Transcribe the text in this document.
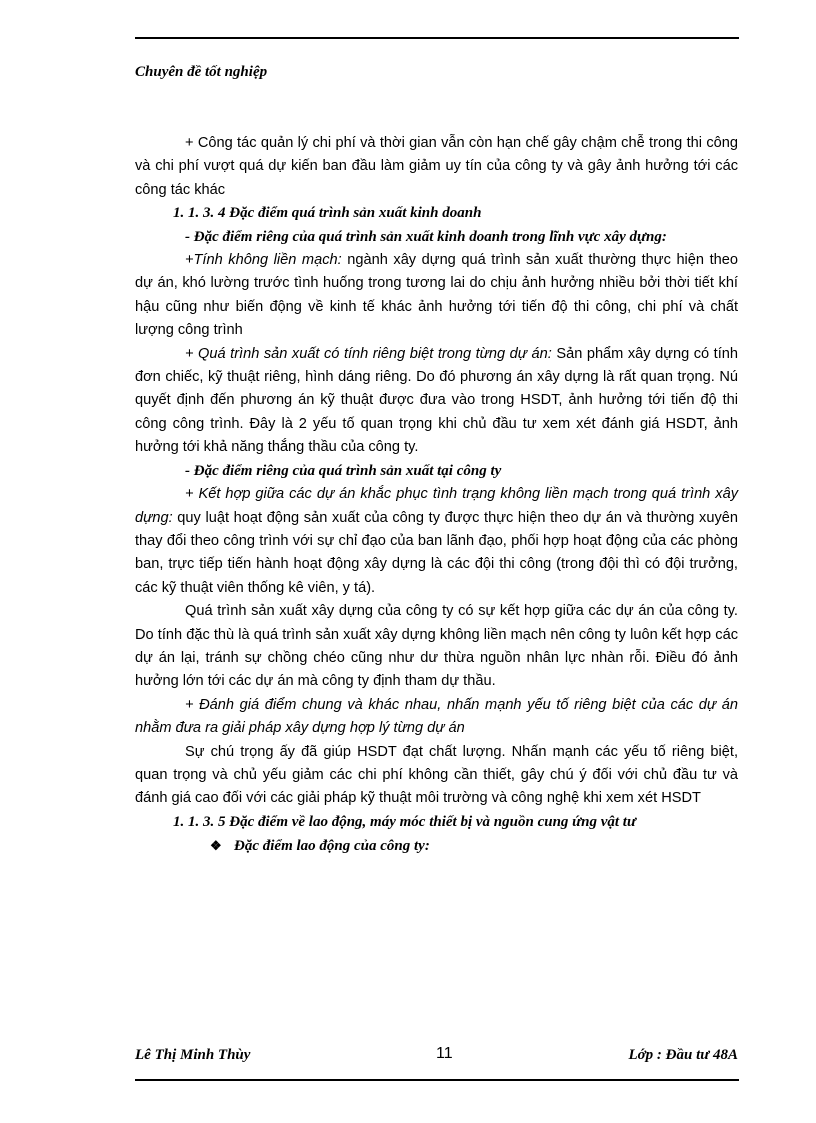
Chuyên đề tốt nghiệp

+ Công tác quản lý chi phí và thời gian vẫn còn hạn chế gây chậm chễ trong thi công và chi phí vượt quá dự kiến ban đầu làm giảm uy tín của công ty và gây ảnh hưởng tới các công tác khác

1. 1. 3. 4 Đặc điểm quá trình sản xuất kinh doanh

- Đặc điểm riêng của quá trình sản xuất kinh doanh trong lĩnh vực xây dựng:

+Tính không liền mạch: ngành xây dựng quá trình sản xuất thường thực hiện theo dự án, khó lường trước tình huống trong tương lai do chịu ảnh hưởng nhiều bởi thời tiết khí hậu cũng như biến động về kinh tế khác ảnh hưởng tới tiến độ thi công, chi phí và chất lượng công trình

+ Quá trình sản xuất có tính riêng biệt trong từng dự án: Sản phẩm xây dựng có tính đơn chiếc, kỹ thuật riêng, hình dáng riêng. Do đó phương án xây dựng là rất quan trọng. Nú quyết định đến phương án kỹ thuật được đưa vào trong HSDT, ảnh hưởng tới tiến độ thi công công trình. Đây là 2 yếu tố quan trọng khi chủ đầu tư xem xét đánh giá HSDT, ảnh hưởng tới khả năng thắng thầu của công ty.

- Đặc điểm riêng của quá trình sản xuất tại công ty

+ Kết hợp giữa các dự án khắc phục tình trạng không liền mạch trong quá trình xây dựng: quy luật hoạt động sản xuất của công ty được thực hiện theo dự án và thường xuyên thay đổi theo công trình với sự chỉ đạo của ban lãnh đạo, phối hợp hoạt động của các phòng ban, trực tiếp tiến hành hoạt động xây dựng là các đội thi công (trong đội thì có đội trưởng, các kỹ thuật viên thống kê viên, y tá).

Quá trình sản xuất xây dựng của công ty có sự kết hợp giữa các dự án của công ty. Do tính đặc thù là quá trình sản xuất xây dựng không liền mạch nên công ty luôn kết hợp các dự án lại, tránh sự chồng chéo cũng như dư thừa nguồn nhân lực nhàn rỗi. Điều đó ảnh hưởng lớn tới các dự án mà công ty định tham dự thầu.

+ Đánh giá điểm chung và khác nhau, nhấn mạnh yếu tố riêng biệt của các dự án nhằm đưa ra giải pháp xây dựng hợp lý từng dự án

Sự chú trọng ấy đã giúp HSDT đạt chất lượng. Nhấn mạnh các yếu tố riêng biệt, quan trọng và chủ yếu giảm các chi phí không cần thiết, gây chú ý đối với chủ đầu tư và đánh giá cao đối với các giải pháp kỹ thuật môi trường và công nghệ khi xem xét HSDT

1. 1. 3. 5 Đặc điểm về lao động, máy móc thiết bị và nguồn cung ứng vật tư

❖ Đặc điểm lao động của công ty:

Lê Thị Minh Thùy	11	Lớp : Đầu tư 48A
